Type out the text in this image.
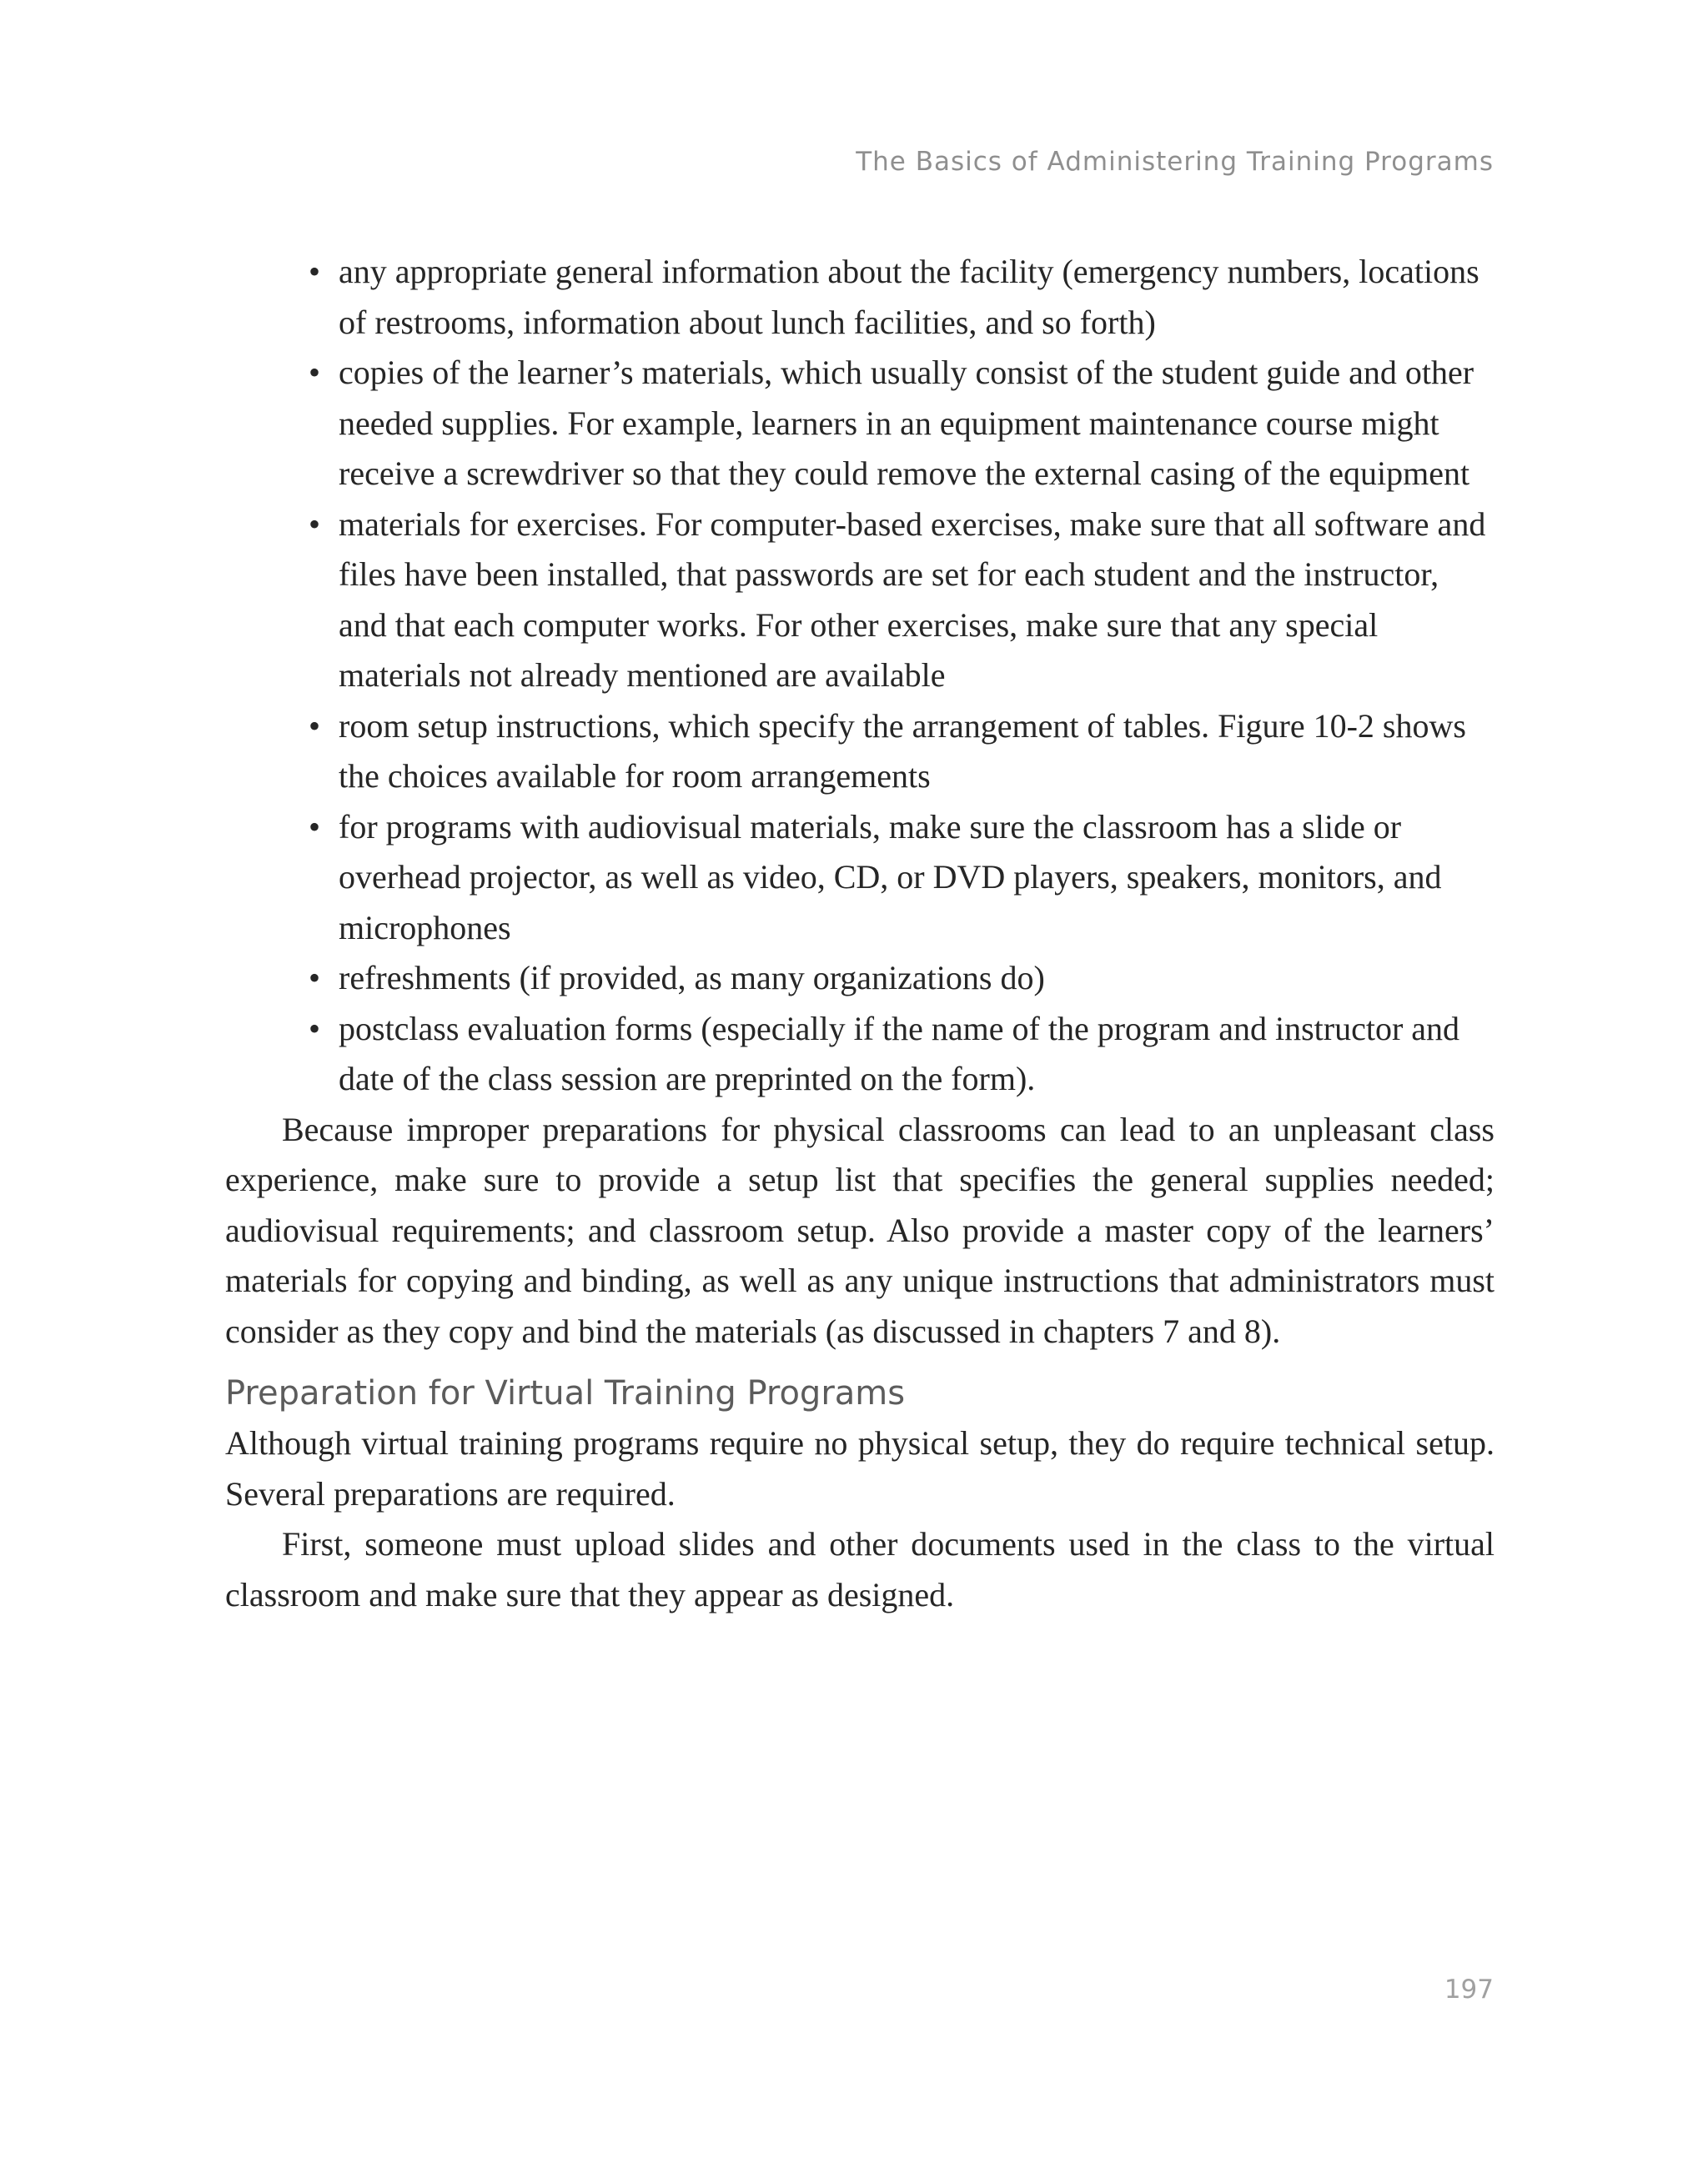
The Basics of Administering Training Programs
• any appropriate general information about the facility (emergency numbers, locations of restrooms, information about lunch facilities, and so forth)
• copies of the learner’s materials, which usually consist of the student guide and other needed supplies. For example, learners in an equipment maintenance course might receive a screwdriver so that they could remove the external casing of the equipment
• materials for exercises. For computer-based exercises, make sure that all software and files have been installed, that passwords are set for each student and the instructor, and that each computer works. For other exercises, make sure that any special materials not already mentioned are available
• room setup instructions, which specify the arrangement of tables. Figure 10-2 shows the choices available for room arrangements
• for programs with audiovisual materials, make sure the classroom has a slide or overhead projector, as well as video, CD, or DVD players, speakers, monitors, and microphones
• refreshments (if provided, as many organizations do)
• postclass evaluation forms (especially if the name of the program and instructor and date of the class session are preprinted on the form).

Because improper preparations for physical classrooms can lead to an unpleasant class experience, make sure to provide a setup list that specifies the general supplies needed; audiovisual requirements; and classroom setup. Also provide a master copy of the learners’ materials for copying and binding, as well as any unique instructions that administrators must consider as they copy and bind the materials (as discussed in chapters 7 and 8).

Preparation for Virtual Training Programs

Although virtual training programs require no physical setup, they do require technical setup. Several preparations are required.

First, someone must upload slides and other documents used in the class to the virtual classroom and make sure that they appear as designed.

197
